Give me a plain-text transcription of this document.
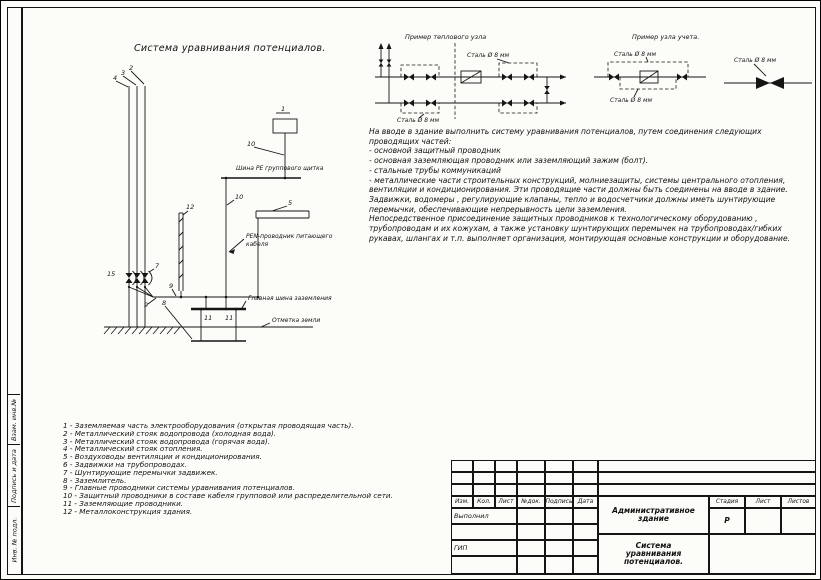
Взам. инв.№
Подпись и дата
Инв. № подл.
Система уравнивания потенциалов.
4
3
2
1
10
10
5
12
15
7
9
9 8
11 11
Шина PE группового щитка
PEN-проводник питающего
кабеля
Главная шина заземления
Отметка земли
Пример теплового узла
Сталь Ø 8 мм
Сталь Ø 8 мм
Пример узла учета.
Сталь Ø 8 мм
Сталь Ø 8 мм
Сталь Ø 8 мм

На вводе в здание выполнить систему уравнивания потенциалов, путем соединения следующих проводящих частей:

- основной защитный проводник

- основная заземляющая проводник или заземляющий зажим (болт).

- стальные трубы коммуникаций

- металлические части строительных конструкций, молниезащиты, системы центрального отопления, вентиляции и кондиционирования. Эти проводящие части должны быть соединены на вводе в здание.

Задвижки, водомеры , регулирующие клапаны, тепло и водосчетчики должны иметь шунтирующие перемычки, обеспечивающие непрерывность цепи заземления.

Непосредственное присоединение защитных проводников к технологическому оборудованию , трубопроводам и их кожухам, а также установку шунтирующих перемычек на трубопроводах/гибких рукавах, шлангах и т.п. выполняет организация, монтирующая основные конструкции и оборудование.

1 - Заземляемая часть электрооборудования (открытая проводящая часть).
2 - Металлический стояк водопровода (холодная вода).
3 - Металлический стояк водопровода (горячая вода).
4 - Металлический стояк отопления.
5 - Воздуховоды вентиляции и кондиционирования.
6 - Задвижки на трубопроводах.
7 - Шунтирующие перемычки задвижек.
8 - Заземлитель.
9 - Главные проводники системы уравнивания потенциалов.
10 - Защитный проводники в составе кабеля групповой или распределительной сети.
11 - Заземляющие проводники.
12 - Металлоконструкция здания.
Изм.	Кол.	Лист	№док. Подпись Дата
Выполнил
ГИП
Административное здание
Стадия	Лист	Листов
Р
Система
уравнивания потенциалов.
